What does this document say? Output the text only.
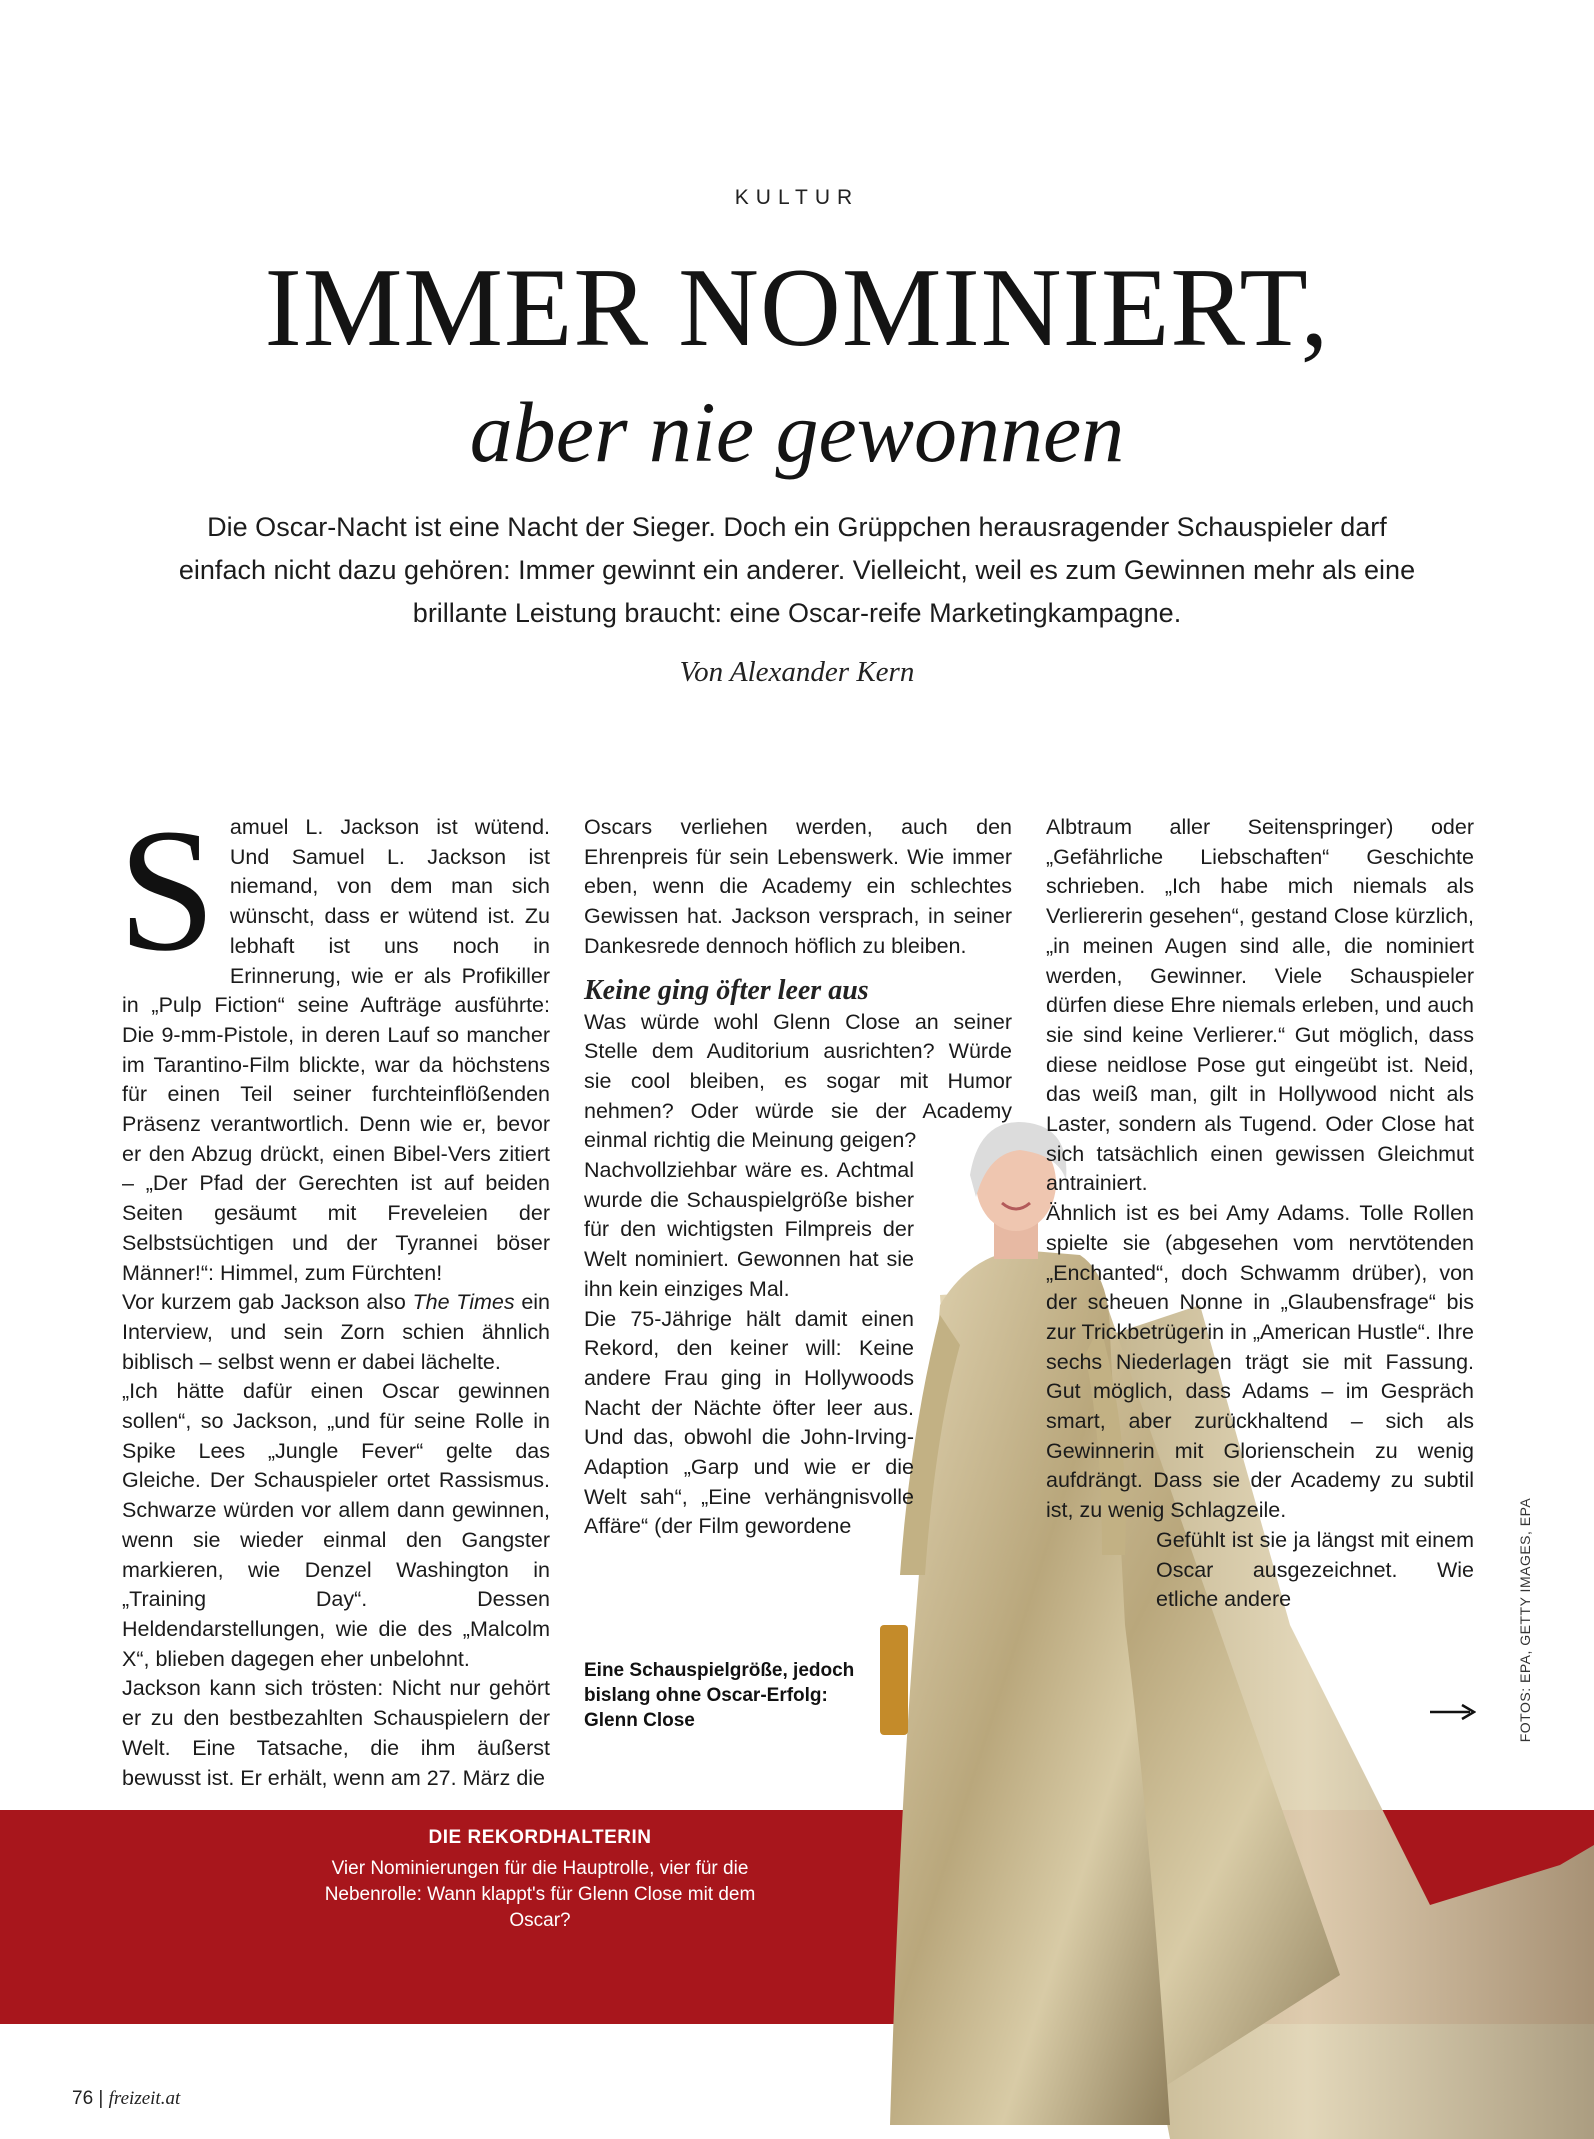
KULTUR
IMMER NOMINIERT,
aber nie gewonnen
Die Oscar-Nacht ist eine Nacht der Sieger. Doch ein Grüppchen herausragender Schauspieler darf einfach nicht dazu gehören: Immer gewinnt ein anderer. Vielleicht, weil es zum Gewinnen mehr als eine brillante Leistung braucht: eine Oscar-reife Marketingkampagne.
Von Alexander Kern
DIE REKORDHALTERIN
Vier Nominierungen für die Hauptrolle, vier für die Nebenrolle: Wann klappt's für Glenn Close mit dem Oscar?
S amuel L. Jackson ist wütend. Und Samuel L. Jackson ist niemand, von dem man sich wünscht, dass er wütend ist. Zu lebhaft ist uns noch in Erinnerung, wie er als Profikiller in „Pulp Fiction“ seine Aufträge ausführte: Die 9-mm-Pistole, in deren Lauf so mancher im Tarantino-Film blickte, war da höchstens für einen Teil seiner furchteinflößenden Präsenz verantwortlich. Denn wie er, bevor er den Abzug drückt, einen Bibel-Vers zitiert – „Der Pfad der Gerechten ist auf beiden Seiten gesäumt mit Freveleien der Selbstsüchtigen und der Tyrannei böser Männer!“: Himmel, zum Fürchten!

Vor kurzem gab Jackson also The Times ein Interview, und sein Zorn schien ähnlich biblisch – selbst wenn er dabei lächelte.

„Ich hätte dafür einen Oscar gewinnen sollen“, so Jackson, „und für seine Rolle in Spike Lees „Jungle Fever“ gelte das Gleiche. Der Schauspieler ortet Rassismus. Schwarze würden vor allem dann gewinnen, wenn sie wieder einmal den Gangster markieren, wie Denzel Washington in „Training Day“. Dessen Heldendarstellungen, wie die des „Malcolm X“, blieben dagegen eher unbelohnt.

Jackson kann sich trösten: Nicht nur gehört er zu den bestbezahlten Schauspielern der Welt. Eine Tatsache, die ihm äußerst bewusst ist. Er erhält, wenn am 27. März die

Oscars verliehen werden, auch den Ehrenpreis für sein Lebenswerk. Wie immer eben, wenn die Academy ein schlechtes Gewissen hat. Jackson versprach, in seiner Dankesrede dennoch höflich zu bleiben.

Keine ging öfter leer aus

Was würde wohl Glenn Close an seiner Stelle dem Auditorium ausrichten? Würde sie cool bleiben, es sogar mit Humor nehmen? Oder würde sie der Academy einmal richtig die Meinung geigen?

Nachvollziehbar wäre es. Achtmal wurde die Schauspielgröße bisher für den wichtigsten Filmpreis der Welt nominiert. Gewonnen hat sie ihn kein einziges Mal.

Die 75-Jährige hält damit einen Rekord, den keiner will: Keine andere Frau ging in Hollywoods Nacht der Nächte öfter leer aus. Und das, obwohl die John-Irving-Adaption „Garp und wie er die Welt sah“, „Eine verhängnisvolle Affäre“ (der Film gewordene

Albtraum aller Seitenspringer) oder „Gefährliche Liebschaften“ Geschichte schrieben. „Ich habe mich niemals als Verliererin gesehen“, gestand Close kürzlich, „in meinen Augen sind alle, die nominiert werden, Gewinner. Viele Schauspieler dürfen diese Ehre niemals erleben, und auch sie sind keine Verlierer.“ Gut möglich, dass diese neidlose Pose gut eingeübt ist. Neid, das weiß man, gilt in Hollywood nicht als Laster, sondern als Tugend. Oder Close hat sich tatsächlich einen gewissen Gleichmut antrainiert.

Ähnlich ist es bei Amy Adams. Tolle Rollen spielte sie (abgesehen vom nervtötenden „Enchanted“, doch Schwamm drüber), von der scheuen Nonne in „Glaubensfrage“ bis zur Trickbetrügerin in „American Hustle“. Ihre sechs Niederlagen trägt sie mit Fassung. Gut möglich, dass Adams – im Gespräch smart, aber zurückhaltend – sich als Gewinnerin mit Glorienschein zu wenig aufdrängt. Dass sie der Academy zu subtil ist, zu wenig Schlagzeile.

Gefühlt ist sie ja längst mit einem Oscar ausgezeichnet. Wie etliche andere

Eine Schauspielgröße, jedoch bislang ohne Oscar-Erfolg: Glenn Close	FOTOS: EPA, GETTY IMAGES, EPA
76 | freizeit.at
